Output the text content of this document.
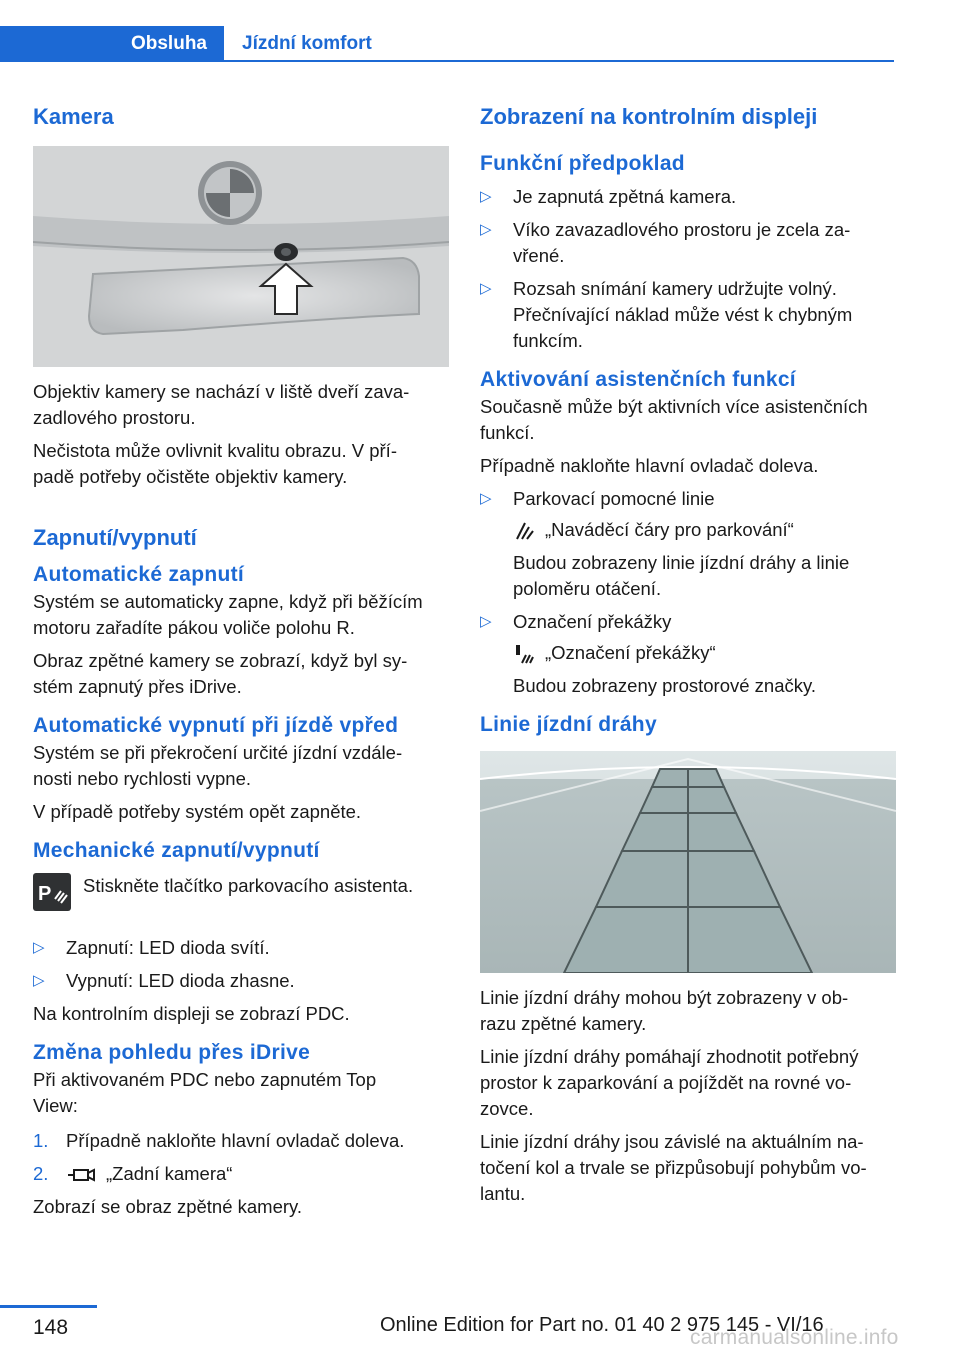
Obsluha	Jízdní komfort
Kamera

Objektiv kamery se nachází v liště dveří zava-
zadlového prostoru.

Nečistota může ovlivnit kvalitu obrazu. V pří-
padě potřeby očistěte objektiv kamery.

Zapnutí/vypnutí
Automatické zapnutí

Systém se automaticky zapne, když při běžícím motoru zařadíte pákou voliče polohu R.

Obraz zpětné kamery se zobrazí, když byl sy-
stém zapnutý přes iDrive.

Automatické vypnutí při jízdě vpřed

Systém se při překročení určité jízdní vzdále-
nosti nebo rychlosti vypne.

V případě potřeby systém opět zapněte.

Mechanické zapnutí/vypnutí
P Stiskněte tlačítko parkovacího asistenta.

▷ Zapnutí: LED dioda svítí.
▷ Vypnutí: LED dioda zhasne.

Na kontrolním displeji se zobrazí PDC.

Změna pohledu přes iDrive

Při aktivovaném PDC nebo zapnutém Top
View:

1. Případně nakloňte hlavní ovladač doleva.
2.	„Zadní kamera“

Zobrazí se obraz zpětné kamery.

Zobrazení na kontrolním displeji
Funkční předpoklad
▷ Je zapnutá zpětná kamera.
▷ Víko zavazadlového prostoru je zcela za-
vřené.
▷ Rozsah snímání kamery udržujte volný.
Přečnívající náklad může vést k chybným
funkcím.
Aktivování asistenčních funkcí

Současně může být aktivních více asistenčních funkcí.

Případně nakloňte hlavní ovladač doleva.

▷ Parkovací pomocné linie
„Naváděcí čáry pro parkování“
Budou zobrazeny linie jízdní dráhy a linie
poloměru otáčení.
▷ Označení překážky
„Označení překážky“
Budou zobrazeny prostorové značky.
Linie jízdní dráhy

Linie jízdní dráhy mohou být zobrazeny v ob-
razu zpětné kamery.

Linie jízdní dráhy pomáhají zhodnotit potřebný
prostor k zaparkování a pojíždět na rovné vo-
zovce.

Linie jízdní dráhy jsou závislé na aktuálním na-
točení kol a trvale se přizpůsobují pohybům vo-
lantu.

148	Online Edition for Part no. 01 40 2 975 145 - VI/16
carmanualsonline.info
